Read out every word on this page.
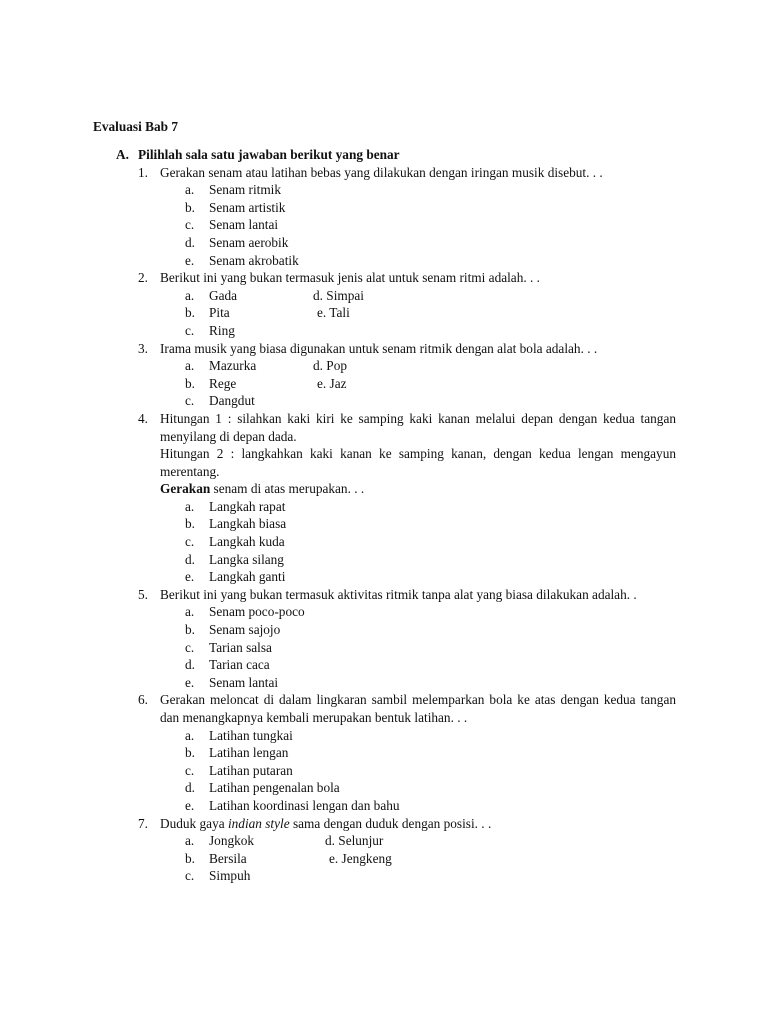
Evaluasi Bab 7
A. Pilihlah sala satu jawaban berikut yang benar
1. Gerakan senam atau latihan bebas yang dilakukan dengan iringan musik disebut. . .
a.	Senam ritmik
b.	Senam artistik
c.	Senam lantai
d.	Senam aerobik
e.	Senam akrobatik
2. Berikut ini yang bukan termasuk jenis alat untuk senam ritmi adalah. . .
a.	Gada	d. Simpai
b.	Pita	e. Tali
c.	Ring
3. Irama musik yang biasa digunakan untuk senam ritmik dengan alat bola adalah. . .
a.	Mazurka	d. Pop
b.	Rege	e. Jaz
c.	Dangdut
4. Hitungan 1 : silahkan kaki kiri ke samping kaki kanan melalui depan dengan kedua tangan menyilang di depan dada.
Hitungan 2 : langkahkan kaki kanan ke samping kanan, dengan kedua lengan mengayun merentang.
Gerakan senam di atas merupakan. . .
a.	Langkah rapat
b.	Langkah biasa
c.	Langkah kuda
d.	Langka silang
e.	Langkah ganti
5. Berikut ini yang bukan termasuk aktivitas ritmik tanpa alat yang biasa dilakukan adalah. .
a.	Senam poco-poco
b.	Senam sajojo
c.	Tarian salsa
d.	Tarian caca
e.	Senam lantai
6. Gerakan meloncat di dalam lingkaran sambil melemparkan bola ke atas dengan kedua tangan dan menangkapnya kembali merupakan bentuk latihan. . .
a.	Latihan tungkai
b.	Latihan lengan
c.	Latihan putaran
d.	Latihan pengenalan bola
e.	Latihan koordinasi lengan dan bahu
7. Duduk gaya indian style sama dengan duduk dengan posisi. . .
a.	Jongkok	d. Selunjur
b.	Bersila	e. Jengkeng
c.	Simpuh
